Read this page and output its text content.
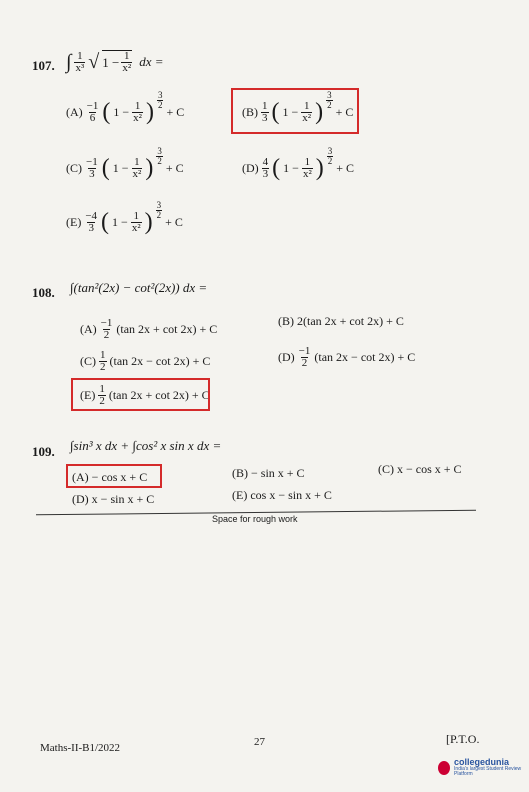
107. ∫ $\frac{1}{\text{x³}}$ √ $1 - \frac{1}{\text{x²}}$ dx =
$(A) \frac{-1}{6}$ ( $1 - \frac{1}{\text{x²}}$ ) $\frac{3}{2}$
+ C	$(B) \frac{1}{3}$ ( $1 - \frac{1}{\text{x²}}$ ) $\frac{3}{2}$
+ C
$(C) \frac{-1}{3}$ ( $1 - \frac{1}{\text{x²}}$ ) $\frac{3}{2}$
+ C	$(D) \frac{4}{3}$ ( $1 - \frac{1}{\text{x²}}$ ) $\frac{3}{2}$
+ C
$(E) \frac{-4}{3}$ ( $1 - \frac{1}{\text{x²}}$ ) $\frac{3}{2}$
+ C
108. ∫(tan²(2x) − cot²(2x)) dx =
$(A) \frac{-1}{2} (\tan$ 2x + cot 2x) + C
(B) 2(tan 2x + cot 2x) + C
$(C) \frac{1}{2} (\tan$ 2x − cot 2x) + C	$(D) \frac{-1}{2} (\tan$ 2x − cot 2x) + C
$(E) \frac{1}{2} (\tan$ 2x + cot 2x) + C
109. ∫sin³ x dx + ∫cos² x sin x dx =
(A) − cos x + C	(B) − sin x + C	(C) x − cos x + C
(D) x − sin x + C	(E) cos x − sin x + C
Space for rough work
Maths-II-B1/2022	27	[P.T.O.
collegedunia
India's largest Student Review Platform
